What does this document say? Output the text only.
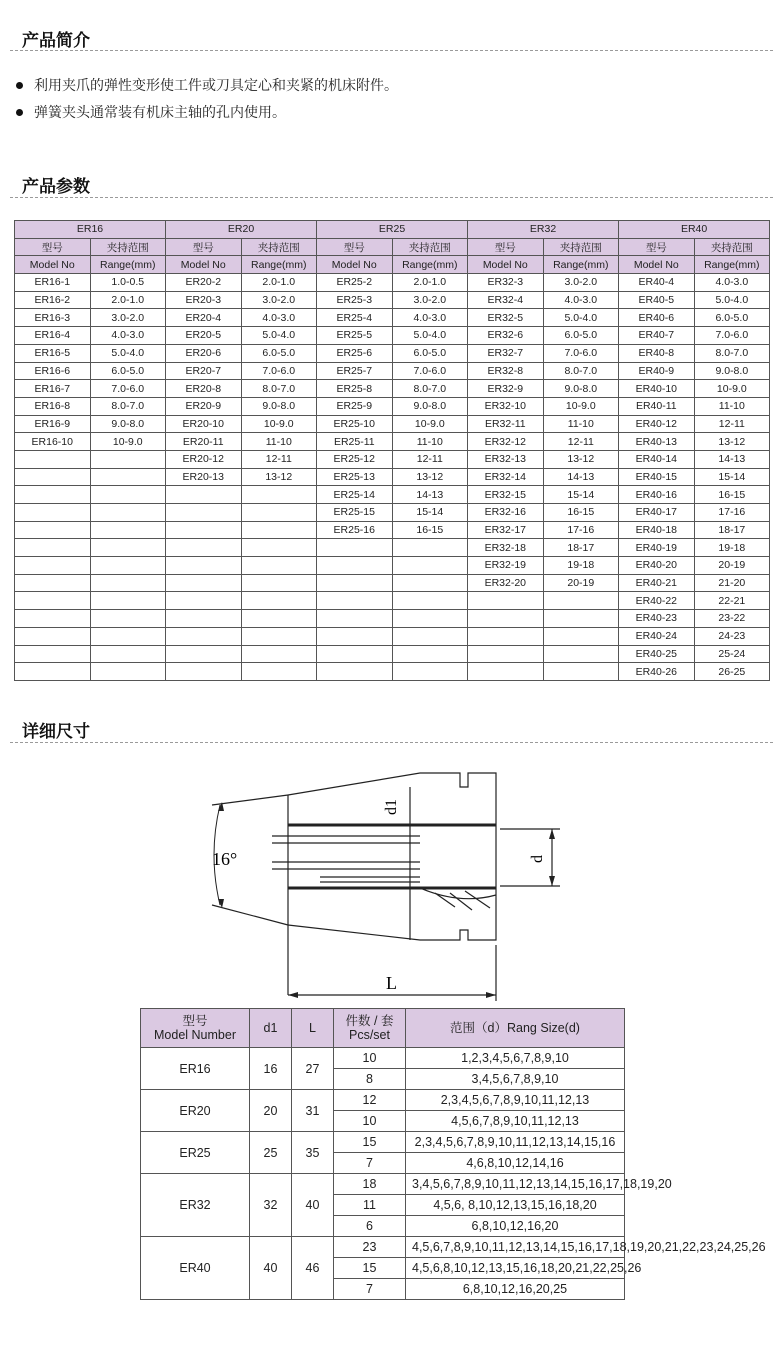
产品简介
利用夹爪的弹性变形使工件或刀具定心和夹紧的机床附件。
弹簧夹头通常装有机床主轴的孔内使用。
产品参数
ER16		ER20		ER25		ER32		ER40	
型号	夹持范围	型号	夹持范围	型号	夹持范围	型号	夹持范围	型号	夹持范围
Model No	Range(mm)	Model No	Range(mm)	Model No	Range(mm)	Model No	Range(mm)	Model No	Range(mm)
ER16-1	1.0-0.5	ER20-2	2.0-1.0	ER25-2	2.0-1.0	ER32-3	3.0-2.0	ER40-4	4.0-3.0
ER16-2	2.0-1.0	ER20-3	3.0-2.0	ER25-3	3.0-2.0	ER32-4	4.0-3.0	ER40-5	5.0-4.0
ER16-3	3.0-2.0	ER20-4	4.0-3.0	ER25-4	4.0-3.0	ER32-5	5.0-4.0	ER40-6	6.0-5.0
ER16-4	4.0-3.0	ER20-5	5.0-4.0	ER25-5	5.0-4.0	ER32-6	6.0-5.0	ER40-7	7.0-6.0
ER16-5	5.0-4.0	ER20-6	6.0-5.0	ER25-6	6.0-5.0	ER32-7	7.0-6.0	ER40-8	8.0-7.0
ER16-6	6.0-5.0	ER20-7	7.0-6.0	ER25-7	7.0-6.0	ER32-8	8.0-7.0	ER40-9	9.0-8.0
ER16-7	7.0-6.0	ER20-8	8.0-7.0	ER25-8	8.0-7.0	ER32-9	9.0-8.0	ER40-10	10-9.0
ER16-8	8.0-7.0	ER20-9	9.0-8.0	ER25-9	9.0-8.0	ER32-10	10-9.0	ER40-11	11-10
ER16-9	9.0-8.0	ER20-10	10-9.0	ER25-10	10-9.0	ER32-11	11-10	ER40-12	12-11
ER16-10	10-9.0	ER20-11	11-10	ER25-11	11-10	ER32-12	12-11	ER40-13	13-12
		ER20-12	12-11	ER25-12	12-11	ER32-13	13-12	ER40-14	14-13
		ER20-13	13-12	ER25-13	13-12	ER32-14	14-13	ER40-15	15-14
				ER25-14	14-13	ER32-15	15-14	ER40-16	16-15
				ER25-15	15-14	ER32-16	16-15	ER40-17	17-16
				ER25-16	16-15	ER32-17	17-16	ER40-18	18-17
						ER32-18	18-17	ER40-19	19-18
						ER32-19	19-18	ER40-20	20-19
						ER32-20	20-19	ER40-21	21-20
								ER40-22	22-21
								ER40-23	23-22
								ER40-24	24-23
								ER40-25	25-24
								ER40-26	26-25
详细尺寸
16°
d1
d
L
型号
Model Number	d1	L	件数 / 套
Pcs/set	范围（d）Rang Size(d)
ER16	16	27	10	1,2,3,4,5,6,7,8,9,10
			8	3,4,5,6,7,8,9,10
ER20	20	31	12	2,3,4,5,6,7,8,9,10,11,12,13
			10	4,5,6,7,8,9,10,11,12,13
ER25	25	35	15	2,3,4,5,6,7,8,9,10,11,12,13,14,15,16
			7	4,6,8,10,12,14,16
ER32	32	40	18	3,4,5,6,7,8,9,10,11,12,13,14,15,16,17,18,19,20
			11	4,5,6, 8,10,12,13,15,16,18,20
			6	6,8,10,12,16,20
ER40	40	46	23	4,5,6,7,8,9,10,11,12,13,14,15,16,17,18,19,20,21,22,23,24,25,26
			15	4,5,6,8,10,12,13,15,16,18,20,21,22,25,26
			7	6,8,10,12,16,20,25
